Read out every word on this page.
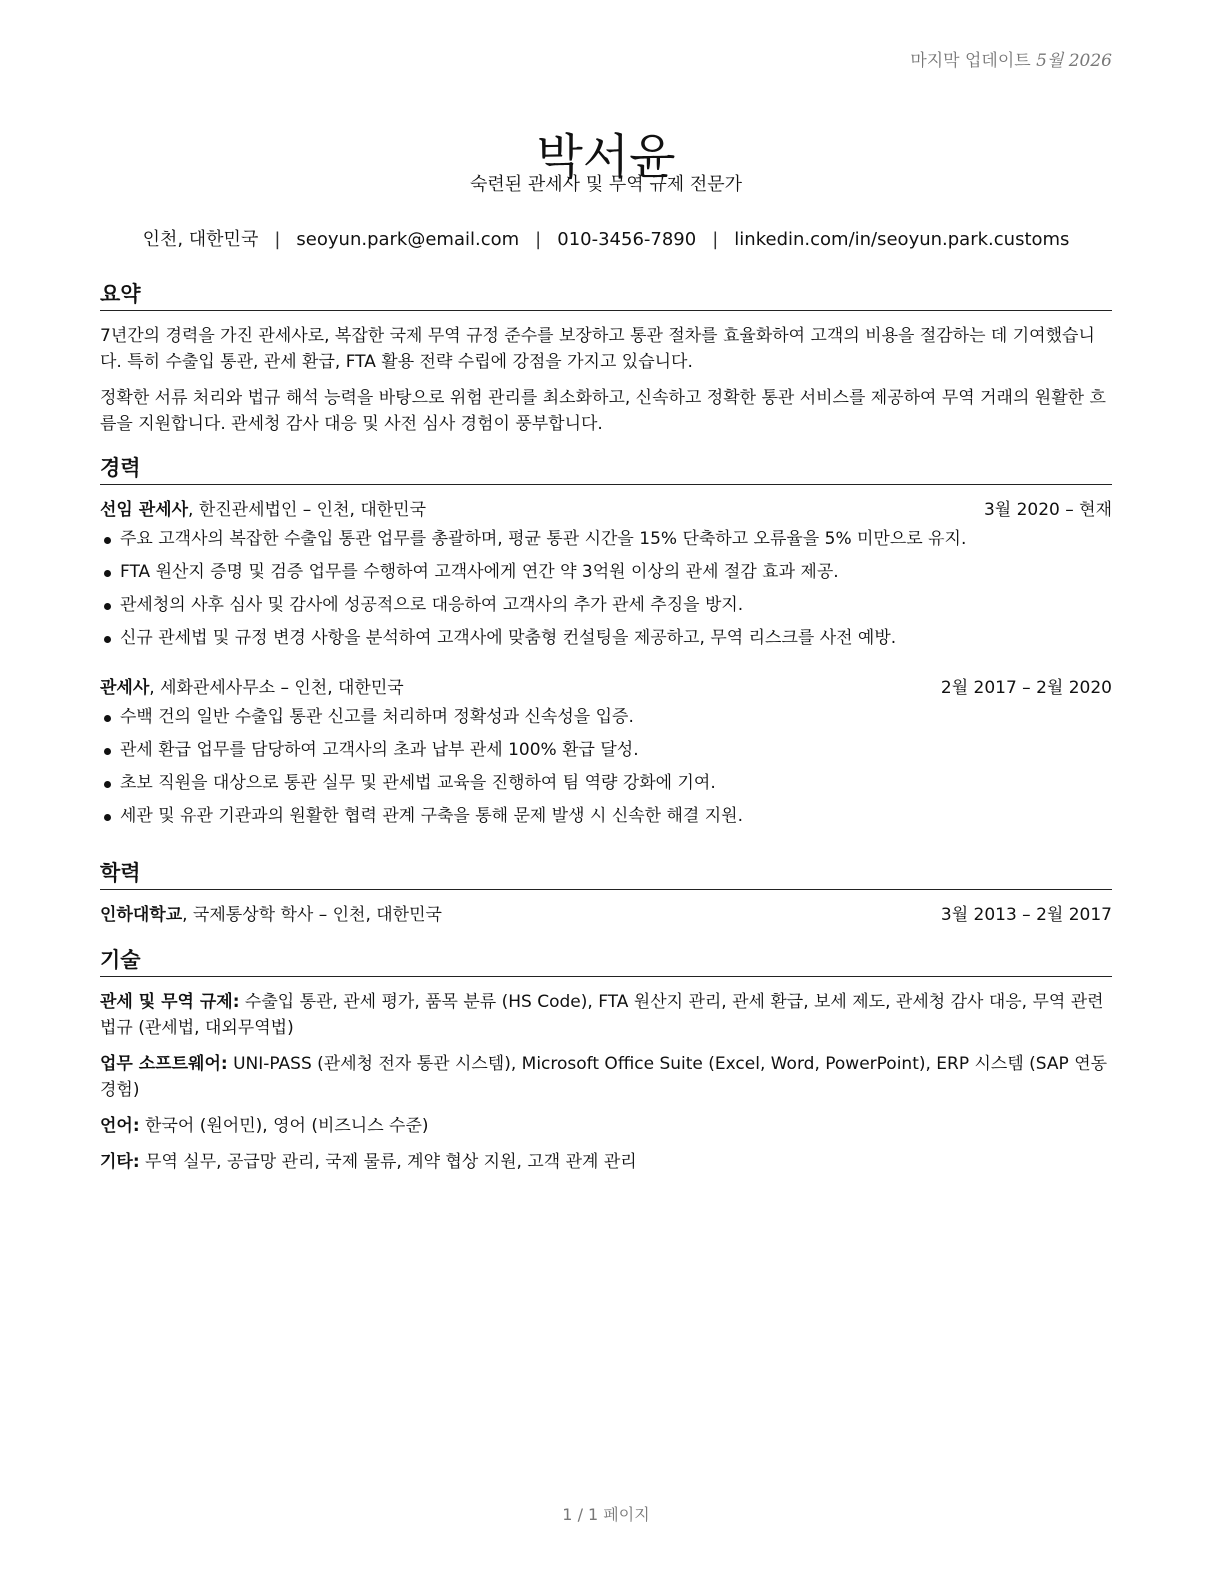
마지막 업데이트 5월 2026
박서윤
숙련된 관세사 및 무역 규제 전문가
인천, 대한민국 | seoyun.park@email.com | 010-3456-7890 | linkedin.com/in/seoyun.park.customs
요약

7년간의 경력을 가진 관세사로, 복잡한 국제 무역 규정 준수를 보장하고 통관 절차를 효율화하여 고객의 비용을 절감하는 데 기여했습니다. 특히 수출입 통관, 관세 환급, FTA 활용 전략 수립에 강점을 가지고 있습니다.

정확한 서류 처리와 법규 해석 능력을 바탕으로 위험 관리를 최소화하고, 신속하고 정확한 통관 서비스를 제공하여 무역 거래의 원활한 흐름을 지원합니다. 관세청 감사 대응 및 사전 심사 경험이 풍부합니다.

경력
선임 관세사, 한진관세법인 – 인천, 대한민국	3월 2020 – 현재
주요 고객사의 복잡한 수출입 통관 업무를 총괄하며, 평균 통관 시간을 15% 단축하고 오류율을 5% 미만으로 유지.
FTA 원산지 증명 및 검증 업무를 수행하여 고객사에게 연간 약 3억원 이상의 관세 절감 효과 제공.
관세청의 사후 심사 및 감사에 성공적으로 대응하여 고객사의 추가 관세 추징을 방지.
신규 관세법 및 규정 변경 사항을 분석하여 고객사에 맞춤형 컨설팅을 제공하고, 무역 리스크를 사전 예방.
관세사, 세화관세사무소 – 인천, 대한민국	2월 2017 – 2월 2020
수백 건의 일반 수출입 통관 신고를 처리하며 정확성과 신속성을 입증.
관세 환급 업무를 담당하여 고객사의 초과 납부 관세 100% 환급 달성.
초보 직원을 대상으로 통관 실무 및 관세법 교육을 진행하여 팀 역량 강화에 기여.
세관 및 유관 기관과의 원활한 협력 관계 구축을 통해 문제 발생 시 신속한 해결 지원.
학력
인하대학교, 국제통상학 학사 – 인천, 대한민국	3월 2013 – 2월 2017
기술

관세 및 무역 규제: 수출입 통관, 관세 평가, 품목 분류 (HS Code), FTA 원산지 관리, 관세 환급, 보세 제도, 관세청 감사 대응, 무역 관련 법규 (관세법, 대외무역법)

업무 소프트웨어: UNI-PASS (관세청 전자 통관 시스템), Microsoft Office Suite (Excel, Word, PowerPoint), ERP 시스템 (SAP 연동 경험)

언어: 한국어 (원어민), 영어 (비즈니스 수준)

기타: 무역 실무, 공급망 관리, 국제 물류, 계약 협상 지원, 고객 관계 관리

1 / 1 페이지
